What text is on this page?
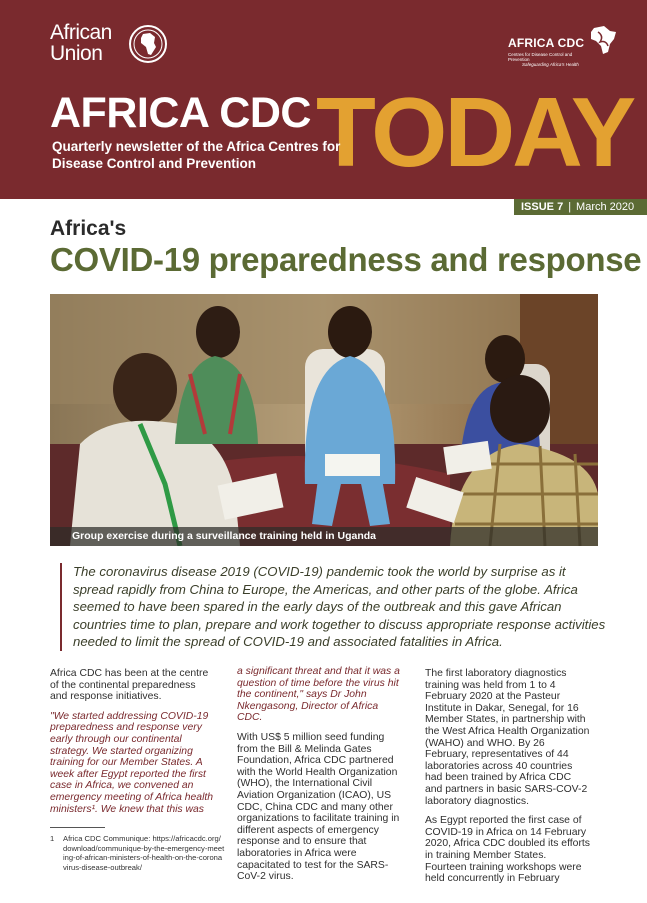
African Union	AFRICA CDC
Centres for Disease Control and Prevention
Safeguarding Africa's Health
AFRICA CDC TODAY
Quarterly newsletter of the Africa Centres for Disease Control and Prevention
ISSUE 7 | March 2020
Africa's
COVID-19 preparedness and response
Group exercise during a surveillance training held in Uganda
The coronavirus disease 2019 (COVID-19) pandemic took the world by surprise as it spread rapidly from China to Europe, the Americas, and other parts of the globe. Africa seemed to have been spared in the early days of the outbreak and this gave African countries time to plan, prepare and work together to discuss appropriate response activities needed to limit the spread of COVID-19 and associated fatalities in Africa.

Africa CDC has been at the centre of the continental preparedness and response initiatives.

"We started addressing COVID-19 preparedness and response very early through our continental strategy. We started organizing training for our Member States. A week after Egypt reported the first case in Africa, we convened an emergency meeting of Africa health ministers¹. We knew that this was

a significant threat and that it was a question of time before the virus hit the continent," says Dr John Nkengasong, Director of Africa CDC.

With US$ 5 million seed funding from the Bill & Melinda Gates Foundation, Africa CDC partnered with the World Health Organization (WHO), the International Civil Aviation Organization (ICAO), US CDC, China CDC and many other organizations to facilitate training in different aspects of emergency response and to ensure that laboratories in Africa were capacitated to test for the SARS-CoV-2 virus.

The first laboratory diagnostics training was held from 1 to 4 February 2020 at the Pasteur Institute in Dakar, Senegal, for 16 Member States, in partnership with the West Africa Health Organization (WAHO) and WHO. By 26 February, representatives of 44 laboratories across 40 countries had been trained by Africa CDC and partners in basic SARS-COV-2 laboratory diagnostics.

As Egypt reported the first case of COVID-19 in Africa on 14 February 2020, Africa CDC doubled its efforts in training Member States. Fourteen training workshops were held concurrently in February

1 Africa CDC Communique: https://africacdc.org/download/communique-by-the-emergency-meeting-of-african-ministers-of-health-on-the-coronavirus-disease-outbreak/
